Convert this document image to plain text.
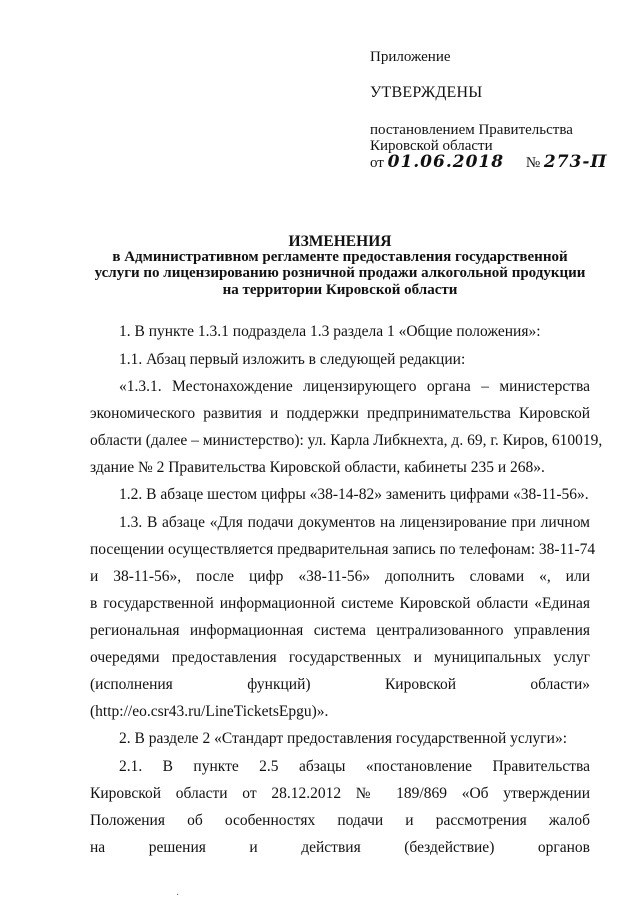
Приложение
УТВЕРЖДЕНЫ
постановлением Правительства
Кировской области
от 01.06.2018 № 273-П
ИЗМЕНЕНИЯ
в Административном регламенте предоставления государственной
услуги по лицензированию розничной продажи алкогольной продукции
на территории Кировской области
1. В пункте 1.3.1 подраздела 1.3 раздела 1 «Общие положения»:
1.1. Абзац первый изложить в следующей редакции:
«1.3.1. Местонахождение лицензирующего органа – министерства
экономического развития и поддержки предпринимательства Кировской
области (далее – министерство): ул. Карла Либкнехта, д. 69, г. Киров, 610019,
здание № 2 Правительства Кировской области, кабинеты 235 и 268».
1.2. В абзаце шестом цифры «38-14-82» заменить цифрами «38-11-56».
1.3. В абзаце «Для подачи документов на лицензирование при личном
посещении осуществляется предварительная запись по телефонам: 38-11-74
и 38-11-56», после цифр «38-11-56» дополнить словами «, или
в государственной информационной системе Кировской области «Единая
региональная информационная система централизованного управления
очередями предоставления государственных и муниципальных услуг
(исполнения функций) Кировской области»
(http://eo.csr43.ru/LineTicketsEpgu)».
2. В разделе 2 «Стандарт предоставления государственной услуги»:
2.1. В пункте 2.5 абзацы «постановление Правительства
Кировской области от 28.12.2012 № 189/869 «Об утверждении
Положения об особенностях подачи и рассмотрения жалоб
на решения и действия (бездействие) органов
·
